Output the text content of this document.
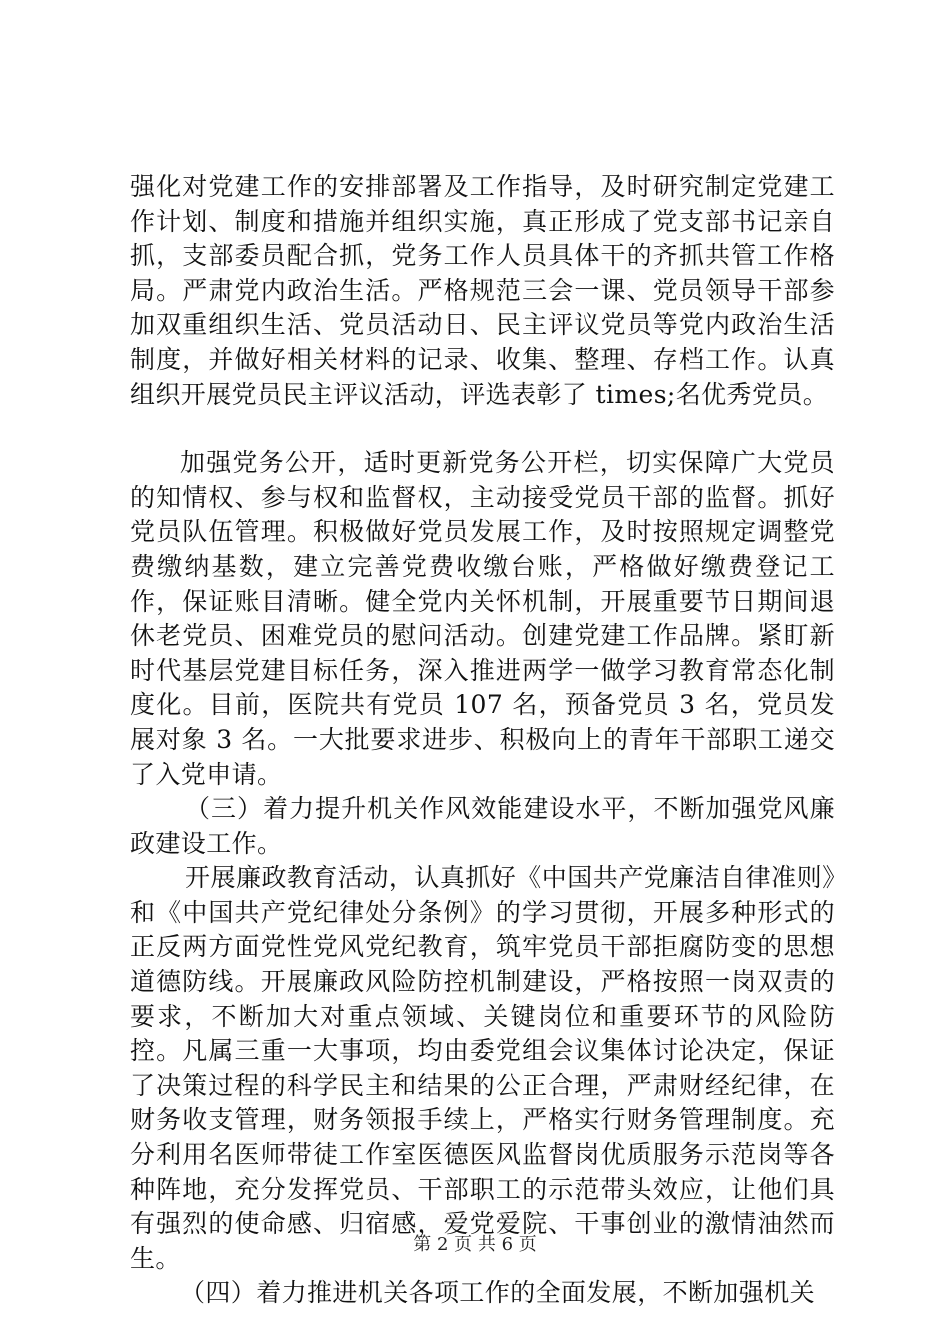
强化对党建工作的安排部署及工作指导，及时研究制定党建工作计划、制度和措施并组织实施，真正形成了党支部书记亲自抓，支部委员配合抓，党务工作人员具体干的齐抓共管工作格局。严肃党内政治生活。严格规范三会一课、党员领导干部参加双重组织生活、党员活动日、民主评议党员等党内政治生活制度，并做好相关材料的记录、收集、整理、存档工作。认真组织开展党员民主评议活动，评选表彰了 times;名优秀党员。

加强党务公开，适时更新党务公开栏，切实保障广大党员的知情权、参与权和监督权，主动接受党员干部的监督。抓好党员队伍管理。积极做好党员发展工作，及时按照规定调整党费缴纳基数，建立完善党费收缴台账，严格做好缴费登记工作，保证账目清晰。健全党内关怀机制，开展重要节日期间退休老党员、困难党员的慰问活动。创建党建工作品牌。紧盯新时代基层党建目标任务，深入推进两学一做学习教育常态化制度化。目前，医院共有党员 107 名，预备党员 3 名，党员发展对象 3 名。一大批要求进步、积极向上的青年干部职工递交了入党申请。

（三）着力提升机关作风效能建设水平，不断加强党风廉政建设工作。

开展廉政教育活动，认真抓好《中国共产党廉洁自律准则》和《中国共产党纪律处分条例》的学习贯彻，开展多种形式的正反两方面党性党风党纪教育，筑牢党员干部拒腐防变的思想道德防线。开展廉政风险防控机制建设，严格按照一岗双责的要求，不断加大对重点领域、关键岗位和重要环节的风险防控。凡属三重一大事项，均由委党组会议集体讨论决定，保证了决策过程的科学民主和结果的公正合理，严肃财经纪律，在财务收支管理，财务领报手续上，严格实行财务管理制度。充分利用名医师带徒工作室医德医风监督岗优质服务示范岗等各种阵地，充分发挥党员、干部职工的示范带头效应，让他们具有强烈的使命感、归宿感，爱党爱院、干事创业的激情油然而生。

（四）着力推进机关各项工作的全面发展，不断加强机关

第 2 页 共 6 页
